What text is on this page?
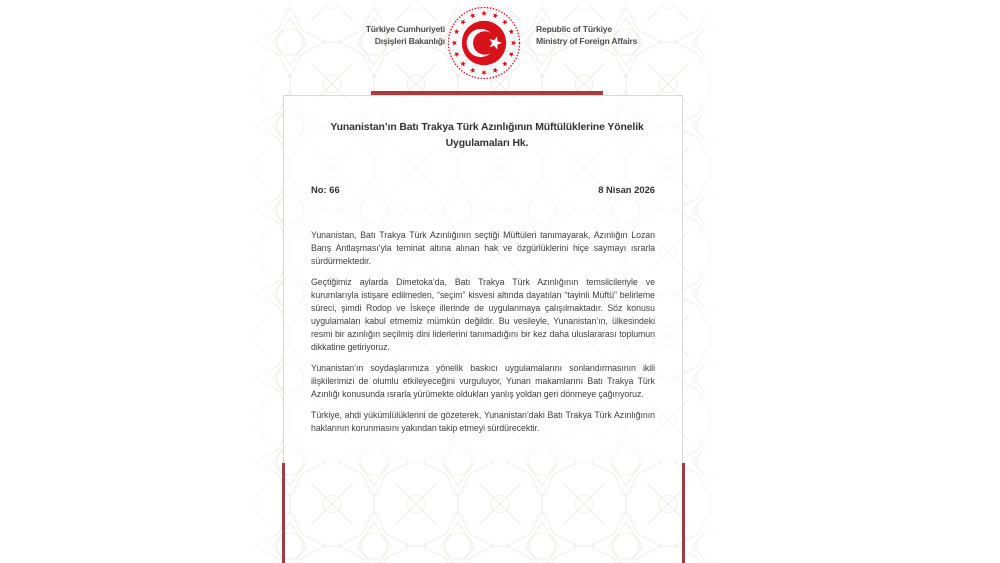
Türkiye Cumhuriyeti
Dışişleri Bakanlığı
Republic of Türkiye
Ministry of Foreign Affairs
Yunanistan’ın Batı Trakya Türk Azınlığının Müftülüklerine Yönelik Uygulamaları Hk.
No: 66	8 Nisan 2026

Yunanistan, Batı Trakya Türk Azınlığının seçtiği Müftüleri tanımayarak, Azınlığın Lozan Barış Antlaşması’yla teminat altına alınan hak ve özgürlüklerini hiçe saymayı ısrarla sürdürmektedir.

Geçtiğimiz aylarda Dimetoka’da, Batı Trakya Türk Azınlığının temsilcileriyle ve kurumlarıyla istişare edilmeden, “seçim” kisvesi altında dayatılan “tayinli Müftü” belirleme süreci, şimdi Rodop ve İskeçe illerinde de uygulanmaya çalışılmaktadır. Söz konusu uygulamaları kabul etmemiz mümkün değildir. Bu vesileyle, Yunanistan’ın, ülkesindeki resmi bir azınlığın seçilmiş dini liderlerini tanımadığını bir kez daha uluslararası toplumun dikkatine getiriyoruz.

Yunanistan’ın soydaşlarımıza yönelik baskıcı uygulamalarını sonlandırmasının ikili ilişkilerimizi de olumlu etkileyeceğini vurguluyor, Yunan makamlarını Batı Trakya Türk Azınlığı konusunda ısrarla yürümekte oldukları yanlış yoldan geri dönmeye çağırıyoruz.

Türkiye, ahdi yükümlülüklerini de gözeterek, Yunanistan’daki Batı Trakya Türk Azınlığının haklarının korunmasını yakından takip etmeyi sürdürecektir.
